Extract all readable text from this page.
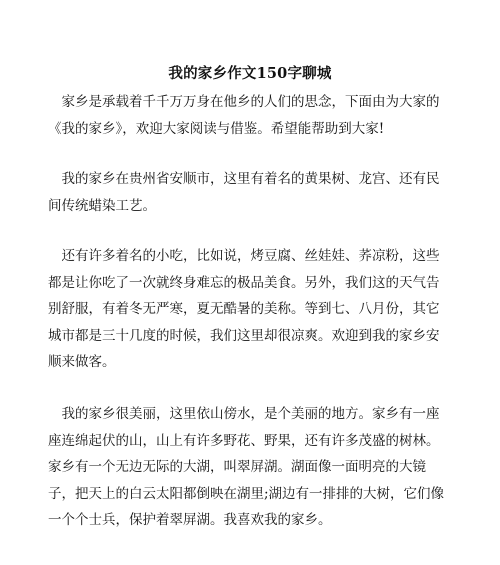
我的家乡作文150字聊城
　家乡是承载着千千万万身在他乡的人们的思念，下面由为大家的
《我的家乡》，欢迎大家阅读与借鉴。希望能帮助到大家!
　我的家乡在贵州省安顺市，这里有着名的黄果树、龙宫、还有民
间传统蜡染工艺。
　还有许多着名的小吃，比如说，烤豆腐、丝娃娃、荞凉粉，这些
都是让你吃了一次就终身难忘的极品美食。另外，我们这的天气告
别舒服，有着冬无严寒，夏无酷暑的美称。等到七、八月份，其它
城市都是三十几度的时候，我们这里却很凉爽。欢迎到我的家乡安
顺来做客。
　我的家乡很美丽，这里依山傍水，是个美丽的地方。家乡有一座
座连绵起伏的山，山上有许多野花、野果，还有许多茂盛的树林。
家乡有一个无边无际的大湖，叫翠屏湖。湖面像一面明亮的大镜
子，把天上的白云太阳都倒映在湖里;湖边有一排排的大树，它们像
一个个士兵，保护着翠屏湖。我喜欢我的家乡。
